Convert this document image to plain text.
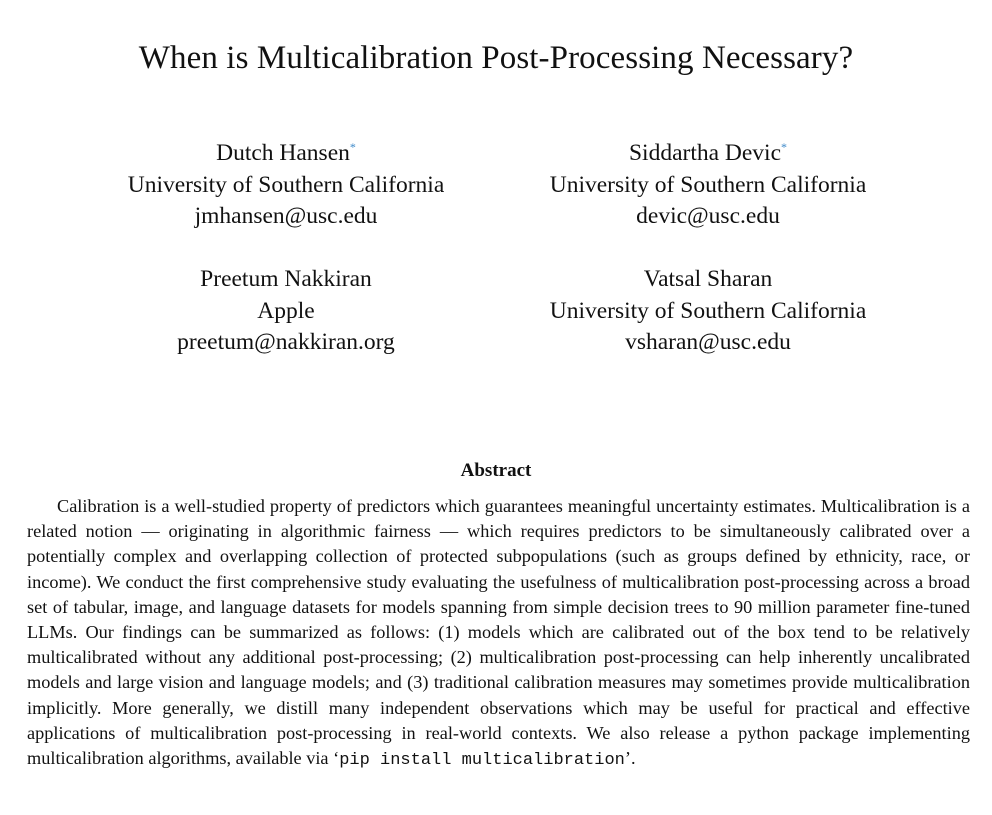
When is Multicalibration Post-Processing Necessary?
Dutch Hansen*
University of Southern California
jmhansen@usc.edu
Siddartha Devic*
University of Southern California
devic@usc.edu
Preetum Nakkiran
Apple
preetum@nakkiran.org
Vatsal Sharan
University of Southern California
vsharan@usc.edu
Abstract

Calibration is a well-studied property of predictors which guarantees meaningful uncertainty estimates. Multicalibration is a related notion — originating in algorithmic fairness — which requires predictors to be simultaneously calibrated over a potentially complex and overlapping collection of protected subpopulations (such as groups defined by ethnicity, race, or income). We conduct the first comprehensive study evaluating the usefulness of multicalibration post-processing across a broad set of tabular, image, and language datasets for models spanning from simple decision trees to 90 million parameter fine-tuned LLMs. Our findings can be summarized as follows: (1) models which are calibrated out of the box tend to be relatively multicalibrated without any additional post-processing; (2) multicalibration post-processing can help inherently uncalibrated models and large vision and language models; and (3) traditional calibration measures may sometimes provide multicalibration implicitly. More generally, we distill many independent observations which may be useful for practical and effective applications of multicalibration post-processing in real-world contexts. We also release a python package implementing multicalibration algorithms, available via ‘pip install multicalibration’.
